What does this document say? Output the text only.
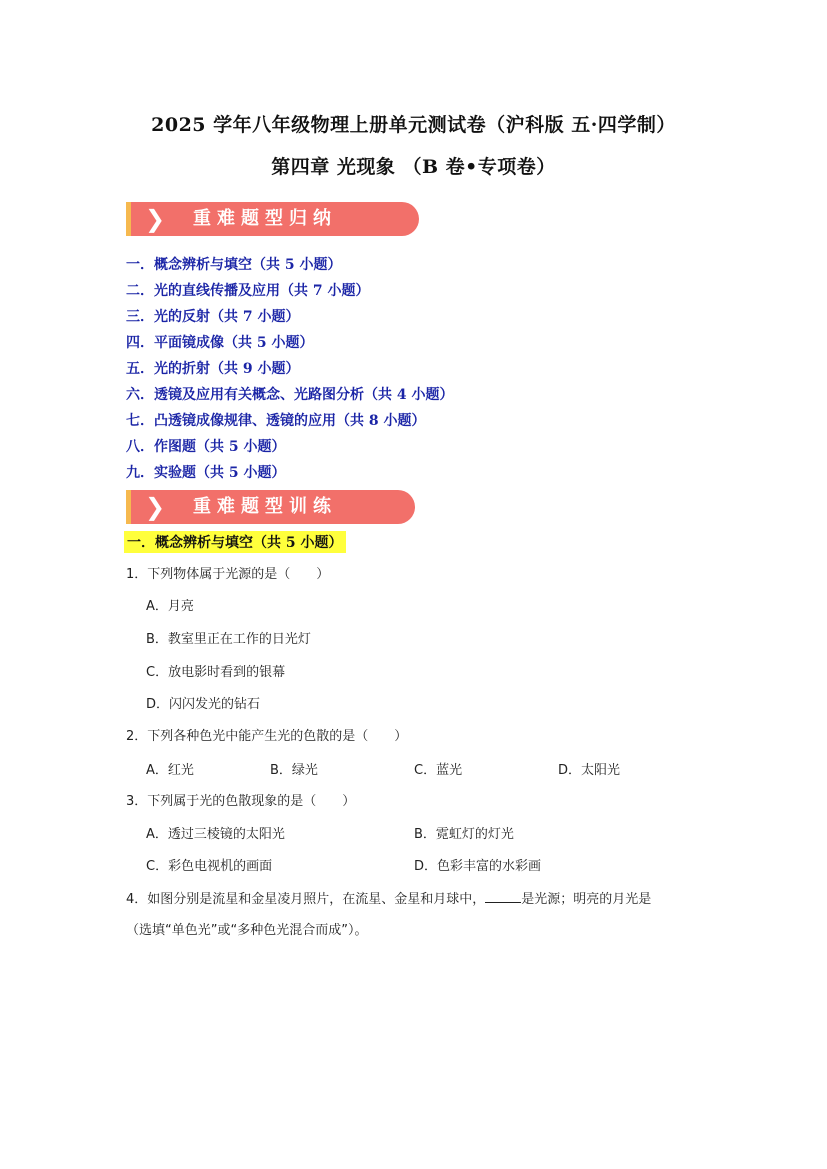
2025 学年八年级物理上册单元测试卷（沪科版 五·四学制）
第四章 光现象 （B 卷•专项卷）
❯ 重难题型归纳
一．概念辨析与填空（共 5 小题）
二．光的直线传播及应用（共 7 小题）
三．光的反射（共 7 小题）
四．平面镜成像（共 5 小题）
五．光的折射（共 9 小题）
六．透镜及应用有关概念、光路图分析（共 4 小题）
七．凸透镜成像规律、透镜的应用（共 8 小题）
八．作图题（共 5 小题）
九．实验题（共 5 小题）
❯ 重难题型训练
一．概念辨析与填空（共 5 小题）
1．下列物体属于光源的是（　　）
A．月亮
B．教室里正在工作的日光灯
C．放电影时看到的银幕
D．闪闪发光的钻石
2．下列各种色光中能产生光的色散的是（　　）
A．红光	B．绿光	C．蓝光	D．太阳光
3．下列属于光的色散现象的是（　　）
A．透过三棱镜的太阳光	B．霓虹灯的灯光
C．彩色电视机的画面	D．色彩丰富的水彩画
4．如图分别是流星和金星凌月照片，在流星、金星和月球中，	是光源；明亮的月光是
（选填“单色光”或“多种色光混合而成”）。
